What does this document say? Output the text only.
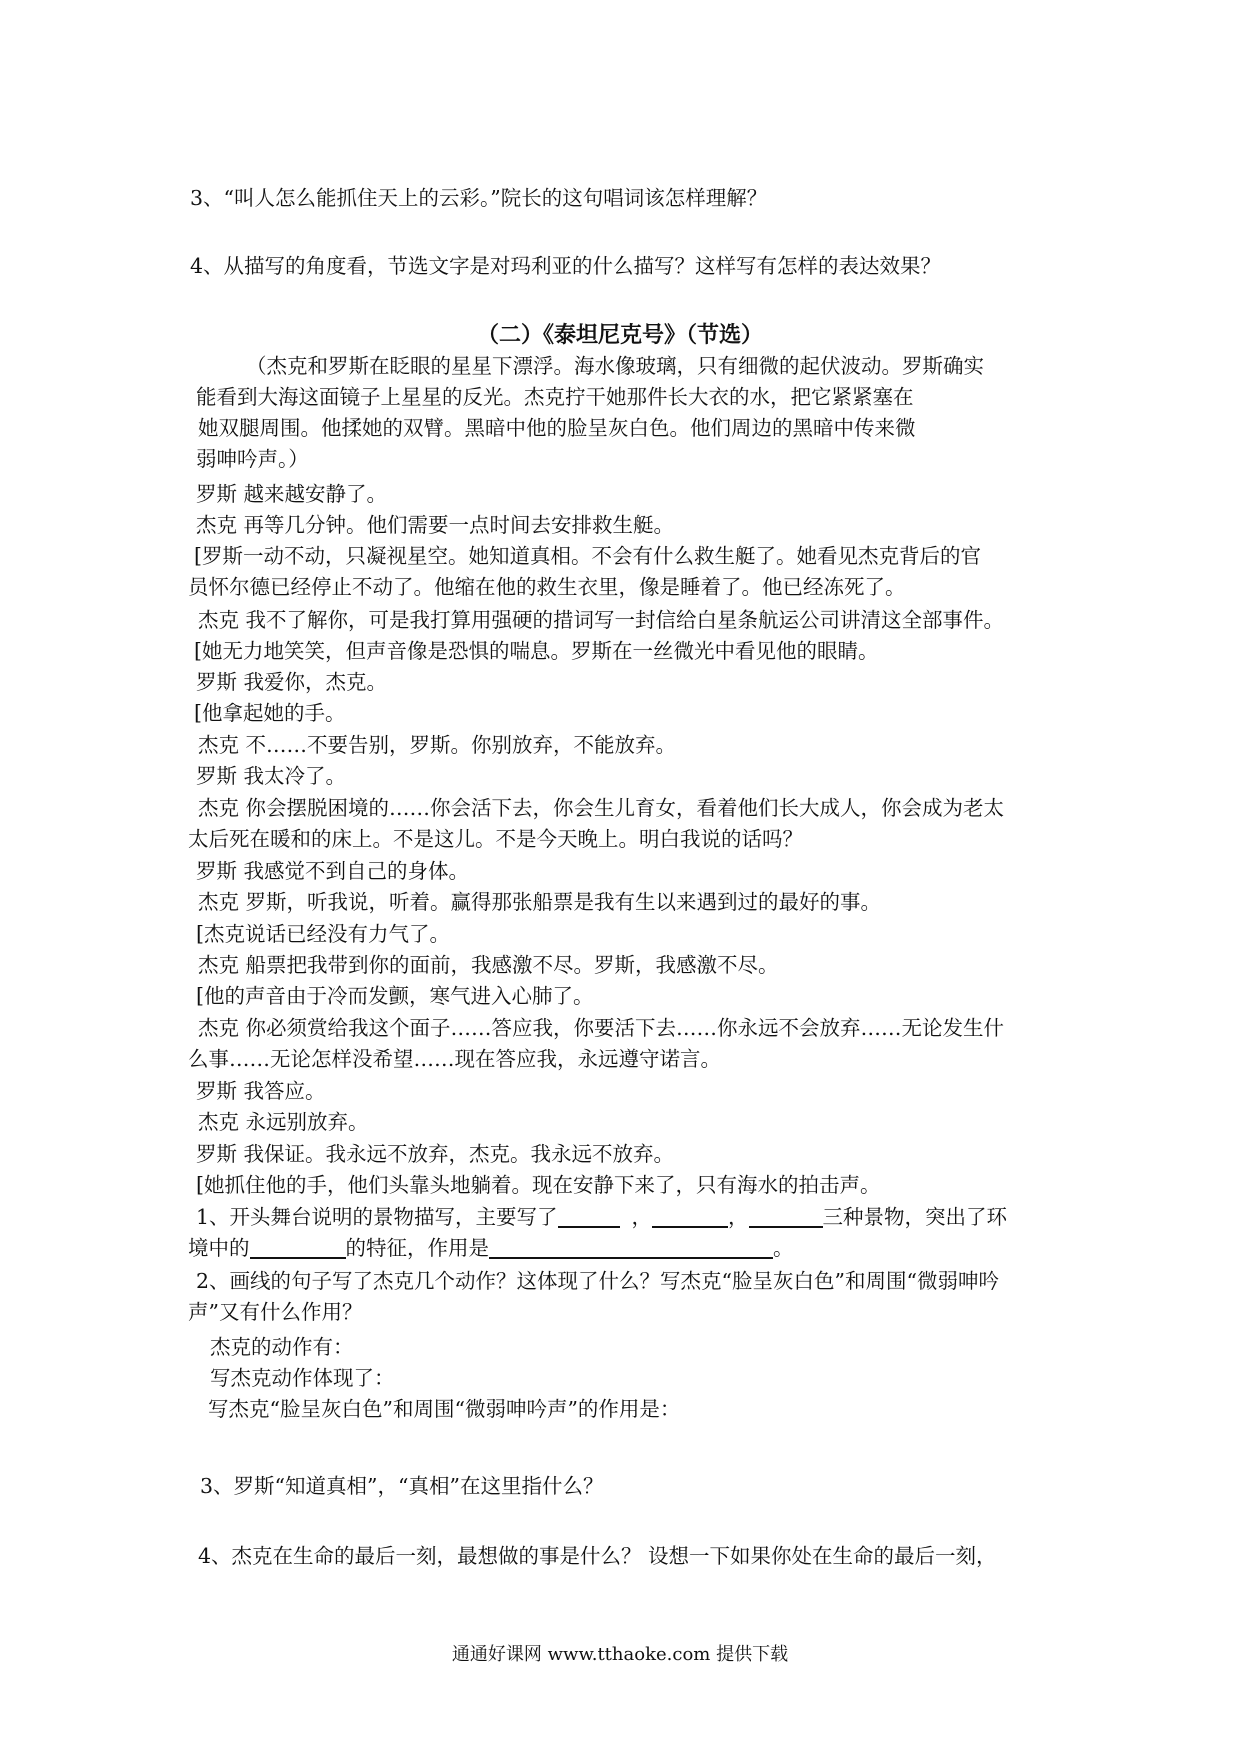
3、“叫人怎么能抓住天上的云彩。”院长的这句唱词该怎样理解？
4、从描写的角度看，节选文字是对玛利亚的什么描写？这样写有怎样的表达效果？
（二）《泰坦尼克号》（节选）
（杰克和罗斯在眨眼的星星下漂浮。海水像玻璃，只有细微的起伏波动。罗斯确实
能看到大海这面镜子上星星的反光。杰克拧干她那件长大衣的水，把它紧紧塞在
她双腿周围。他揉她的双臂。黑暗中他的脸呈灰白色。他们周边的黑暗中传来微
弱呻吟声。）
罗斯 越来越安静了。
杰克 再等几分钟。他们需要一点时间去安排救生艇。
[罗斯一动不动，只凝视星空。她知道真相。不会有什么救生艇了。她看见杰克背后的官
员怀尔德已经停止不动了。他缩在他的救生衣里，像是睡着了。他已经冻死了。
杰克 我不了解你，可是我打算用强硬的措词写一封信给白星条航运公司讲清这全部事件。
[她无力地笑笑，但声音像是恐惧的喘息。罗斯在一丝微光中看见他的眼睛。
罗斯 我爱你，杰克。
[他拿起她的手。
杰克 不……不要告别，罗斯。你别放弃，不能放弃。
罗斯 我太冷了。
杰克 你会摆脱困境的……你会活下去，你会生儿育女，看着他们长大成人，你会成为老太
太后死在暖和的床上。不是这儿。不是今天晚上。明白我说的话吗？
罗斯 我感觉不到自己的身体。
杰克 罗斯，听我说，听着。赢得那张船票是我有生以来遇到过的最好的事。
[杰克说话已经没有力气了。
杰克 船票把我带到你的面前，我感激不尽。罗斯，我感激不尽。
[他的声音由于冷而发颤，寒气进入心肺了。
杰克 你必须赏给我这个面子……答应我，你要活下去……你永远不会放弃……无论发生什
么事……无论怎样没希望……现在答应我，永远遵守诺言。
罗斯 我答应。
杰克 永远别放弃。
罗斯 我保证。我永远不放弃，杰克。我永远不放弃。
[她抓住他的手，他们头靠头地躺着。现在安静下来了，只有海水的拍击声。
1、开头舞台说明的景物描写，主要写了	，	，	三种景物，突出了环
境中的	的特征，作用是	。
2、画线的句子写了杰克几个动作？这体现了什么？写杰克“脸呈灰白色”和周围“微弱呻吟
声”又有什么作用？
杰克的动作有：
写杰克动作体现了：
写杰克“脸呈灰白色”和周围“微弱呻吟声”的作用是：
3、罗斯“知道真相”，“真相”在这里指什么？
4、杰克在生命的最后一刻，最想做的事是什么？ 设想一下如果你处在生命的最后一刻，
通通好课网 www.tthaoke.com 提供下载
